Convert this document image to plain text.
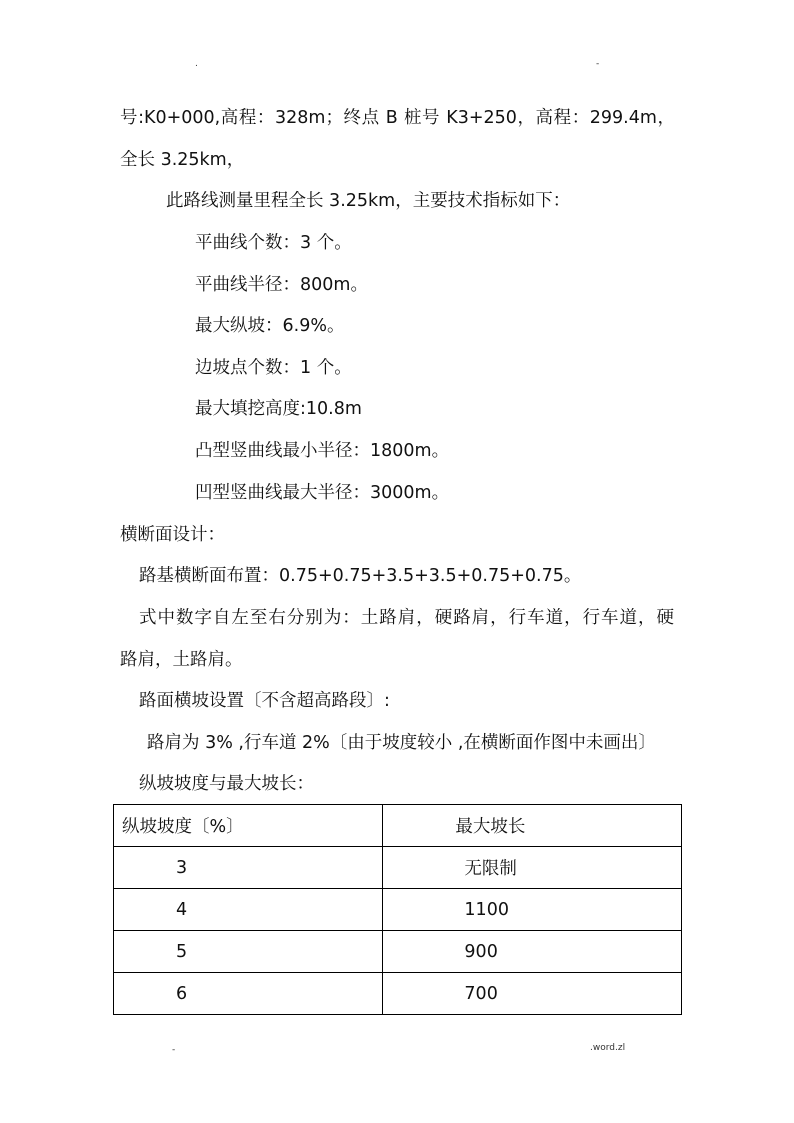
.	-
号:K0+000,高程：328m；终点 B 桩号 K3+250，高程：299.4m，
全长 3.25km，
此路线测量里程全长 3.25km，主要技术指标如下：
平曲线个数：3 个。
平曲线半径：800m。
最大纵坡：6.9%。
边坡点个数：1 个。
最大填挖高度:10.8m
凸型竖曲线最小半径：1800m。
凹型竖曲线最大半径：3000m。
横断面设计：
路基横断面布置：0.75+0.75+3.5+3.5+0.75+0.75。
式中数字自左至右分别为：土路肩，硬路肩，行车道，行车道，硬
路肩，土路肩。
路面横坡设置〔不含超高路段〕:
路肩为 3% ,行车道 2%〔由于坡度较小 ,在横断面作图中未画出〕
纵坡坡度与最大坡长：
纵坡坡度〔%〕	最大坡长
3	无限制
4	1100
5	900
6	700
-	.word.zl
